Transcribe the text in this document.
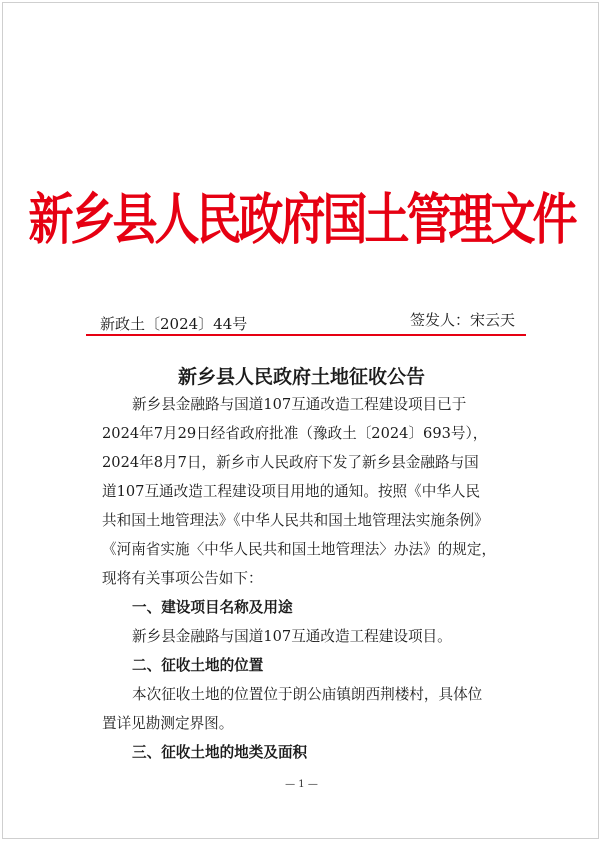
新乡县人民政府国土管理文件
新政土〔2024〕44号	签发人：宋云天
新乡县人民政府土地征收公告
新乡县金融路与国道107互通改造工程建设项目已于
2024年7月29日经省政府批准（豫政土〔2024〕693号），
2024年8月7日，新乡市人民政府下发了新乡县金融路与国
道107互通改造工程建设项目用地的通知。按照《中华人民
共和国土地管理法》《中华人民共和国土地管理法实施条例》
《河南省实施〈中华人民共和国土地管理法〉办法》的规定，
现将有关事项公告如下：
一、建设项目名称及用途
新乡县金融路与国道107互通改造工程建设项目。
二、征收土地的位置
本次征收土地的位置位于朗公庙镇朗西荆楼村，具体位
置详见勘测定界图。
三、征收土地的地类及面积
— 1 —
